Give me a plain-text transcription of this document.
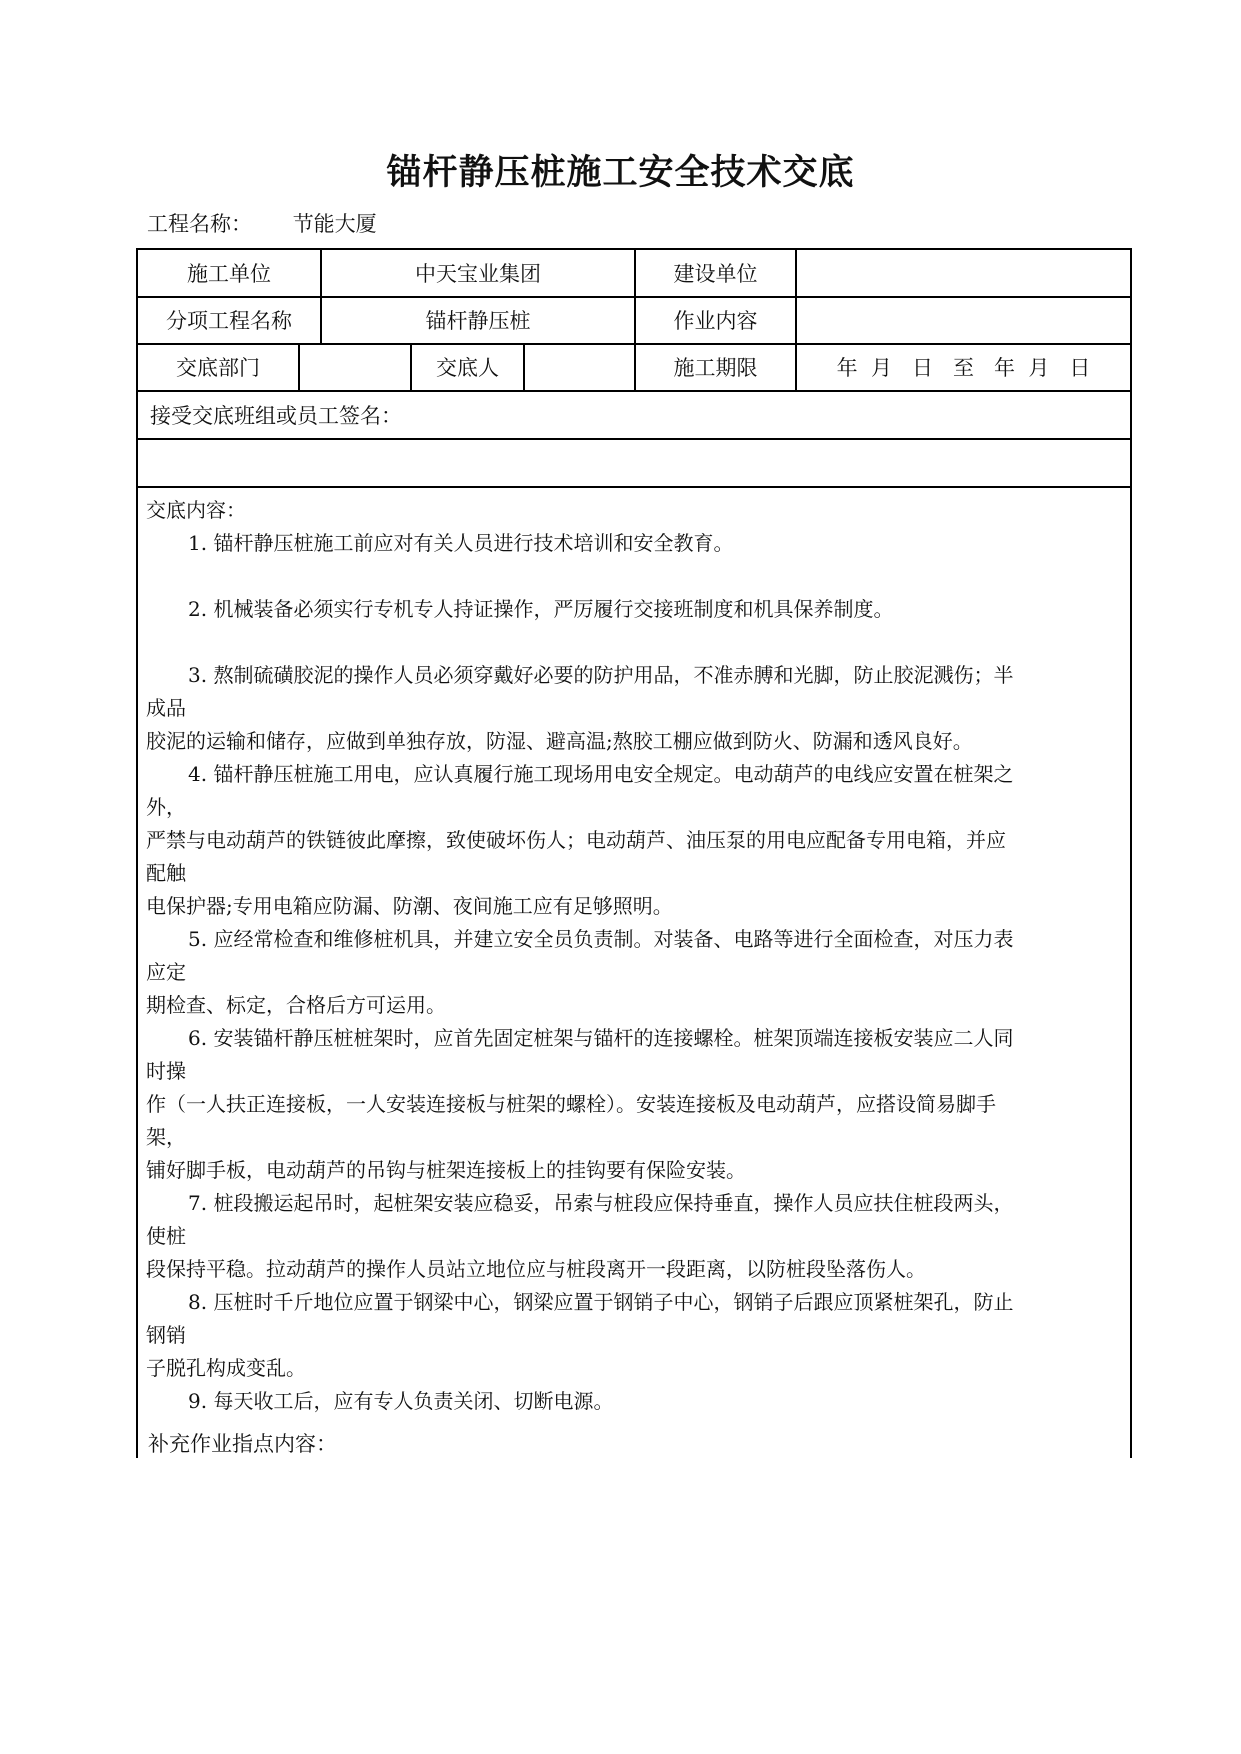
锚杆静压桩施工安全技术交底
工程名称： 节能大厦
施工单位	中天宝业集团	建设单位
分项工程名称	锚杆静压桩	作业内容
交底部门	交底人	施工期限	年  月   日   至   年  月   日
接受交底班组或员工签名：
交底内容：
1. 锚杆静压桩施工前应对有关人员进行技术培训和安全教育。
2. 机械装备必须实行专机专人持证操作，严厉履行交接班制度和机具保养制度。
3. 熬制硫磺胶泥的操作人员必须穿戴好必要的防护用品，不准赤膊和光脚，防止胶泥溅伤；半
成品
胶泥的运输和储存，应做到单独存放，防湿、避高温;熬胶工棚应做到防火、防漏和透风良好。
4. 锚杆静压桩施工用电，应认真履行施工现场用电安全规定。电动葫芦的电线应安置在桩架之
外，
严禁与电动葫芦的铁链彼此摩擦，致使破坏伤人；电动葫芦、油压泵的用电应配备专用电箱，并应
配触
电保护器;专用电箱应防漏、防潮、夜间施工应有足够照明。
5. 应经常检查和维修桩机具，并建立安全员负责制。对装备、电路等进行全面检查，对压力表
应定
期检查、标定，合格后方可运用。
6. 安装锚杆静压桩桩架时，应首先固定桩架与锚杆的连接螺栓。桩架顶端连接板安装应二人同
时操
作（一人扶正连接板，一人安装连接板与桩架的螺栓）。安装连接板及电动葫芦，应搭设简易脚手
架，
铺好脚手板，电动葫芦的吊钩与桩架连接板上的挂钩要有保险安装。
7. 桩段搬运起吊时，起桩架安装应稳妥，吊索与桩段应保持垂直，操作人员应扶住桩段两头，
使桩
段保持平稳。拉动葫芦的操作人员站立地位应与桩段离开一段距离，以防桩段坠落伤人。
8. 压桩时千斤地位应置于钢梁中心，钢梁应置于钢销子中心，钢销子后跟应顶紧桩架孔，防止
钢销
子脱孔构成变乱。
9. 每天收工后，应有专人负责关闭、切断电源。
补充作业指点内容：
